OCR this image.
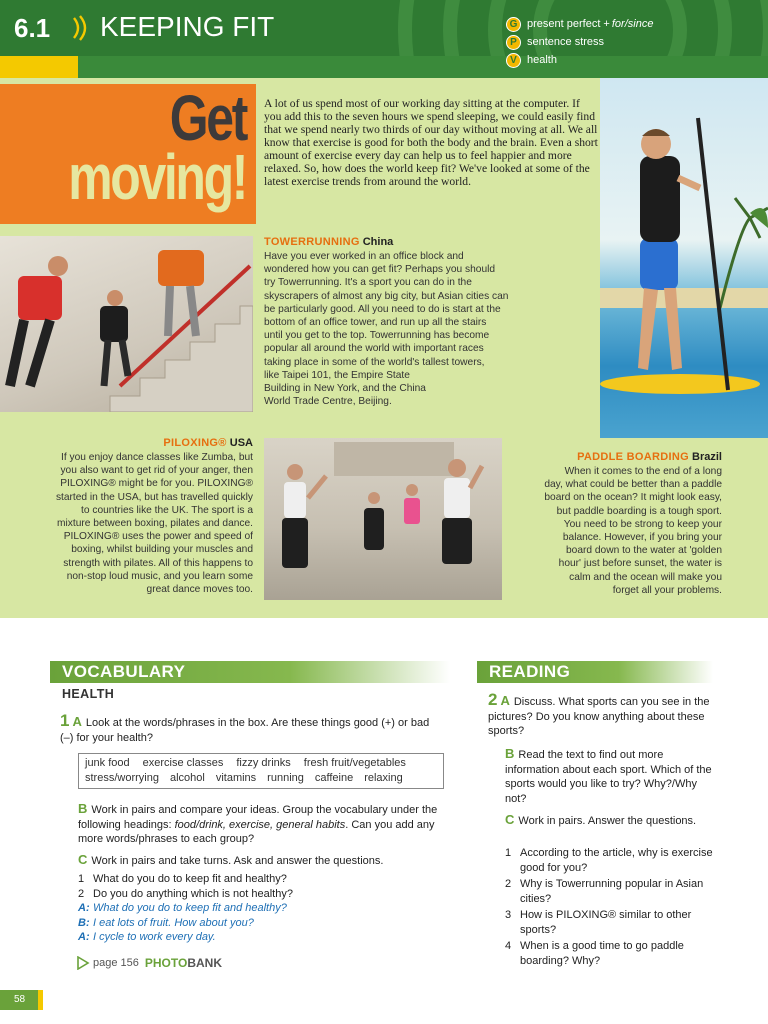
6.1	KEEPING FIT	G present perfect + for/since
P sentence stress
V health
Get
moving!
A lot of us spend most of our working day sitting at the computer. If you add this to the seven hours we spend sleeping, we could easily find that we spend nearly two thirds of our day without moving at all. We all know that exercise is good for both the body and the brain. Even a short amount of exercise every day can help us to feel happier and more relaxed. So, how does the world keep fit? We've looked at some of the latest exercise trends from around the world.
TOWERRUNNING China
Have you ever worked in an office block and
wondered how you can get fit? Perhaps you should
try Towerrunning. It's a sport you can do in the
skyscrapers of almost any big city, but Asian cities can
be particularly good. All you need to do is start at the
bottom of an office tower, and run up all the stairs
until you get to the top. Towerrunning has become
popular all around the world with important races
taking place in some of the world's tallest towers,
like Taipei 101, the Empire State
Building in New York, and the China
World Trade Centre, Beijing.
PILOXING® USA
If you enjoy dance classes like Zumba, but
you also want to get rid of your anger, then
PILOXING® might be for you. PILOXING®
started in the USA, but has travelled quickly
to countries like the UK. The sport is a
mixture between boxing, pilates and dance.
PILOXING® uses the power and speed of
boxing, whilst building your muscles and
strength with pilates. All of this happens to
non-stop loud music, and you learn some
great dance moves too.
PADDLE BOARDING Brazil
When it comes to the end of a long
day, what could be better than a paddle
board on the ocean? It might look easy,
but paddle boarding is a tough sport.
You need to be strong to keep your
balance. However, if you bring your
board down to the water at 'golden
hour' just before sunset, the water is
calm and the ocean will make you
forget all your problems.
VOCABULARY
HEALTH
1 A Look at the words/phrases in the box. Are these things good (+) or bad (–) for your health?
junk food exercise classes fizzy drinks fresh fruit/vegetables
stress/worrying alcohol vitamins running caffeine relaxing
B Work in pairs and compare your ideas. Group the vocabulary under the following headings: food/drink, exercise, general habits. Can you add any more words/phrases to each group?
C Work in pairs and take turns. Ask and answer the questions.
1 What do you do to keep fit and healthy?
2 Do you do anything which is not healthy?
A: What do you do to keep fit and healthy?
B: I eat lots of fruit. How about you?
A: I cycle to work every day.
page 156 PHOTO BANK
READING
2 A Discuss. What sports can you see in the pictures? Do you know anything about these sports?
B Read the text to find out more information about each sport. Which of the sports would you like to try? Why?/Why not?
C Work in pairs. Answer the questions.
1 According to the article, why is exercise good for you?
2 Why is Towerrunning popular in Asian cities?
3 How is PILOXING® similar to other sports?
4 When is a good time to go paddle boarding? Why?
58
